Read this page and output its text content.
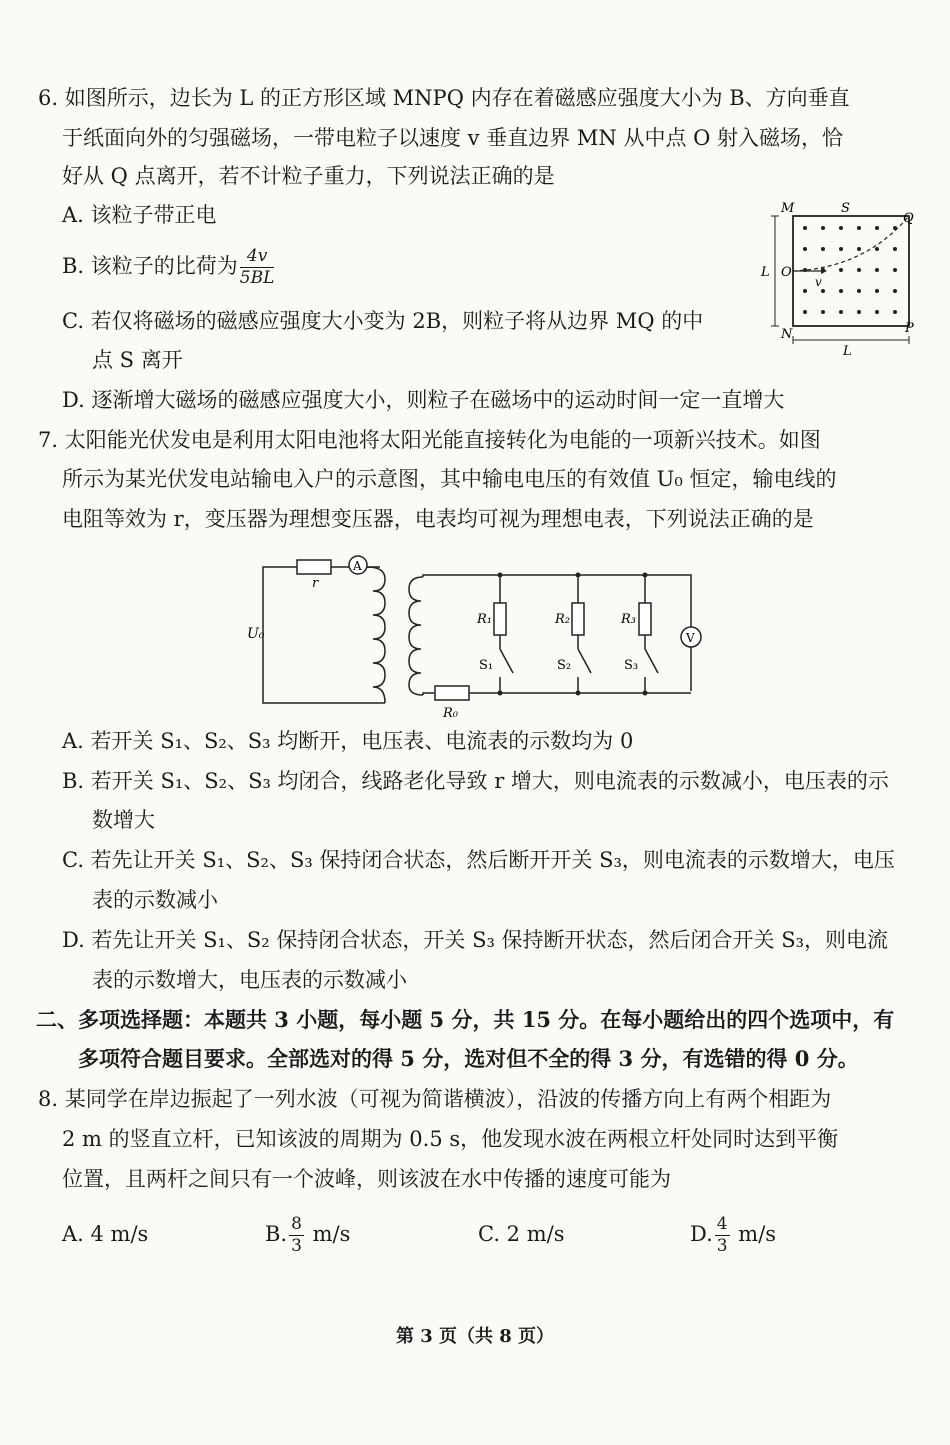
6. 如图所示，边长为 L 的正方形区域 MNPQ 内存在着磁感应强度大小为 B、方向垂直
于纸面向外的匀强磁场，一带电粒子以速度 v 垂直边界 MN 从中点 O 射入磁场，恰
好从 Q 点离开，若不计粒子重力，下列说法正确的是
A. 该粒子带正电
B. 该粒子的比荷为 $\frac{4v}{5BL}$
C. 若仅将磁场的磁感应强度大小变为 2B，则粒子将从边界 MQ 的中
点 S 离开
D. 逐渐增大磁场的磁感应强度大小，则粒子在磁场中的运动时间一定一直增大
M	S
Q
L O
v
N	P
L
7. 太阳能光伏发电是利用太阳电池将太阳光能直接转化为电能的一项新兴技术。如图
所示为某光伏发电站输电入户的示意图，其中输电电压的有效值 U₀ 恒定，输电线的
电阻等效为 r，变压器为理想变压器，电表均可视为理想电表，下列说法正确的是
A
r
U₀
R₀
R₁	R₂	R₃
S₁	S₂	S₃
V
A. 若开关 S₁、S₂、S₃ 均断开，电压表、电流表的示数均为 0
B. 若开关 S₁、S₂、S₃ 均闭合，线路老化导致 r 增大，则电流表的示数减小，电压表的示
数增大
C. 若先让开关 S₁、S₂、S₃ 保持闭合状态，然后断开开关 S₃，则电流表的示数增大，电压
表的示数减小
D. 若先让开关 S₁、S₂ 保持闭合状态，开关 S₃ 保持断开状态，然后闭合开关 S₃，则电流
表的示数增大，电压表的示数减小
二、多项选择题：本题共 3 小题，每小题 5 分，共 15 分。在每小题给出的四个选项中，有
多项符合题目要求。全部选对的得 5 分，选对但不全的得 3 分，有选错的得 0 分。
8. 某同学在岸边振起了一列水波（可视为简谐横波），沿波的传播方向上有两个相距为
2 m 的竖直立杆，已知该波的周期为 0.5 s，他发现水波在两根立杆处同时达到平衡
位置，且两杆之间只有一个波峰，则该波在水中传播的速度可能为
A. 4 m/s	B. $\frac{8}{3} m/s$	C. 2 m/s	D. $\frac{4}{3} m/s$
第 3 页（共 8 页）
